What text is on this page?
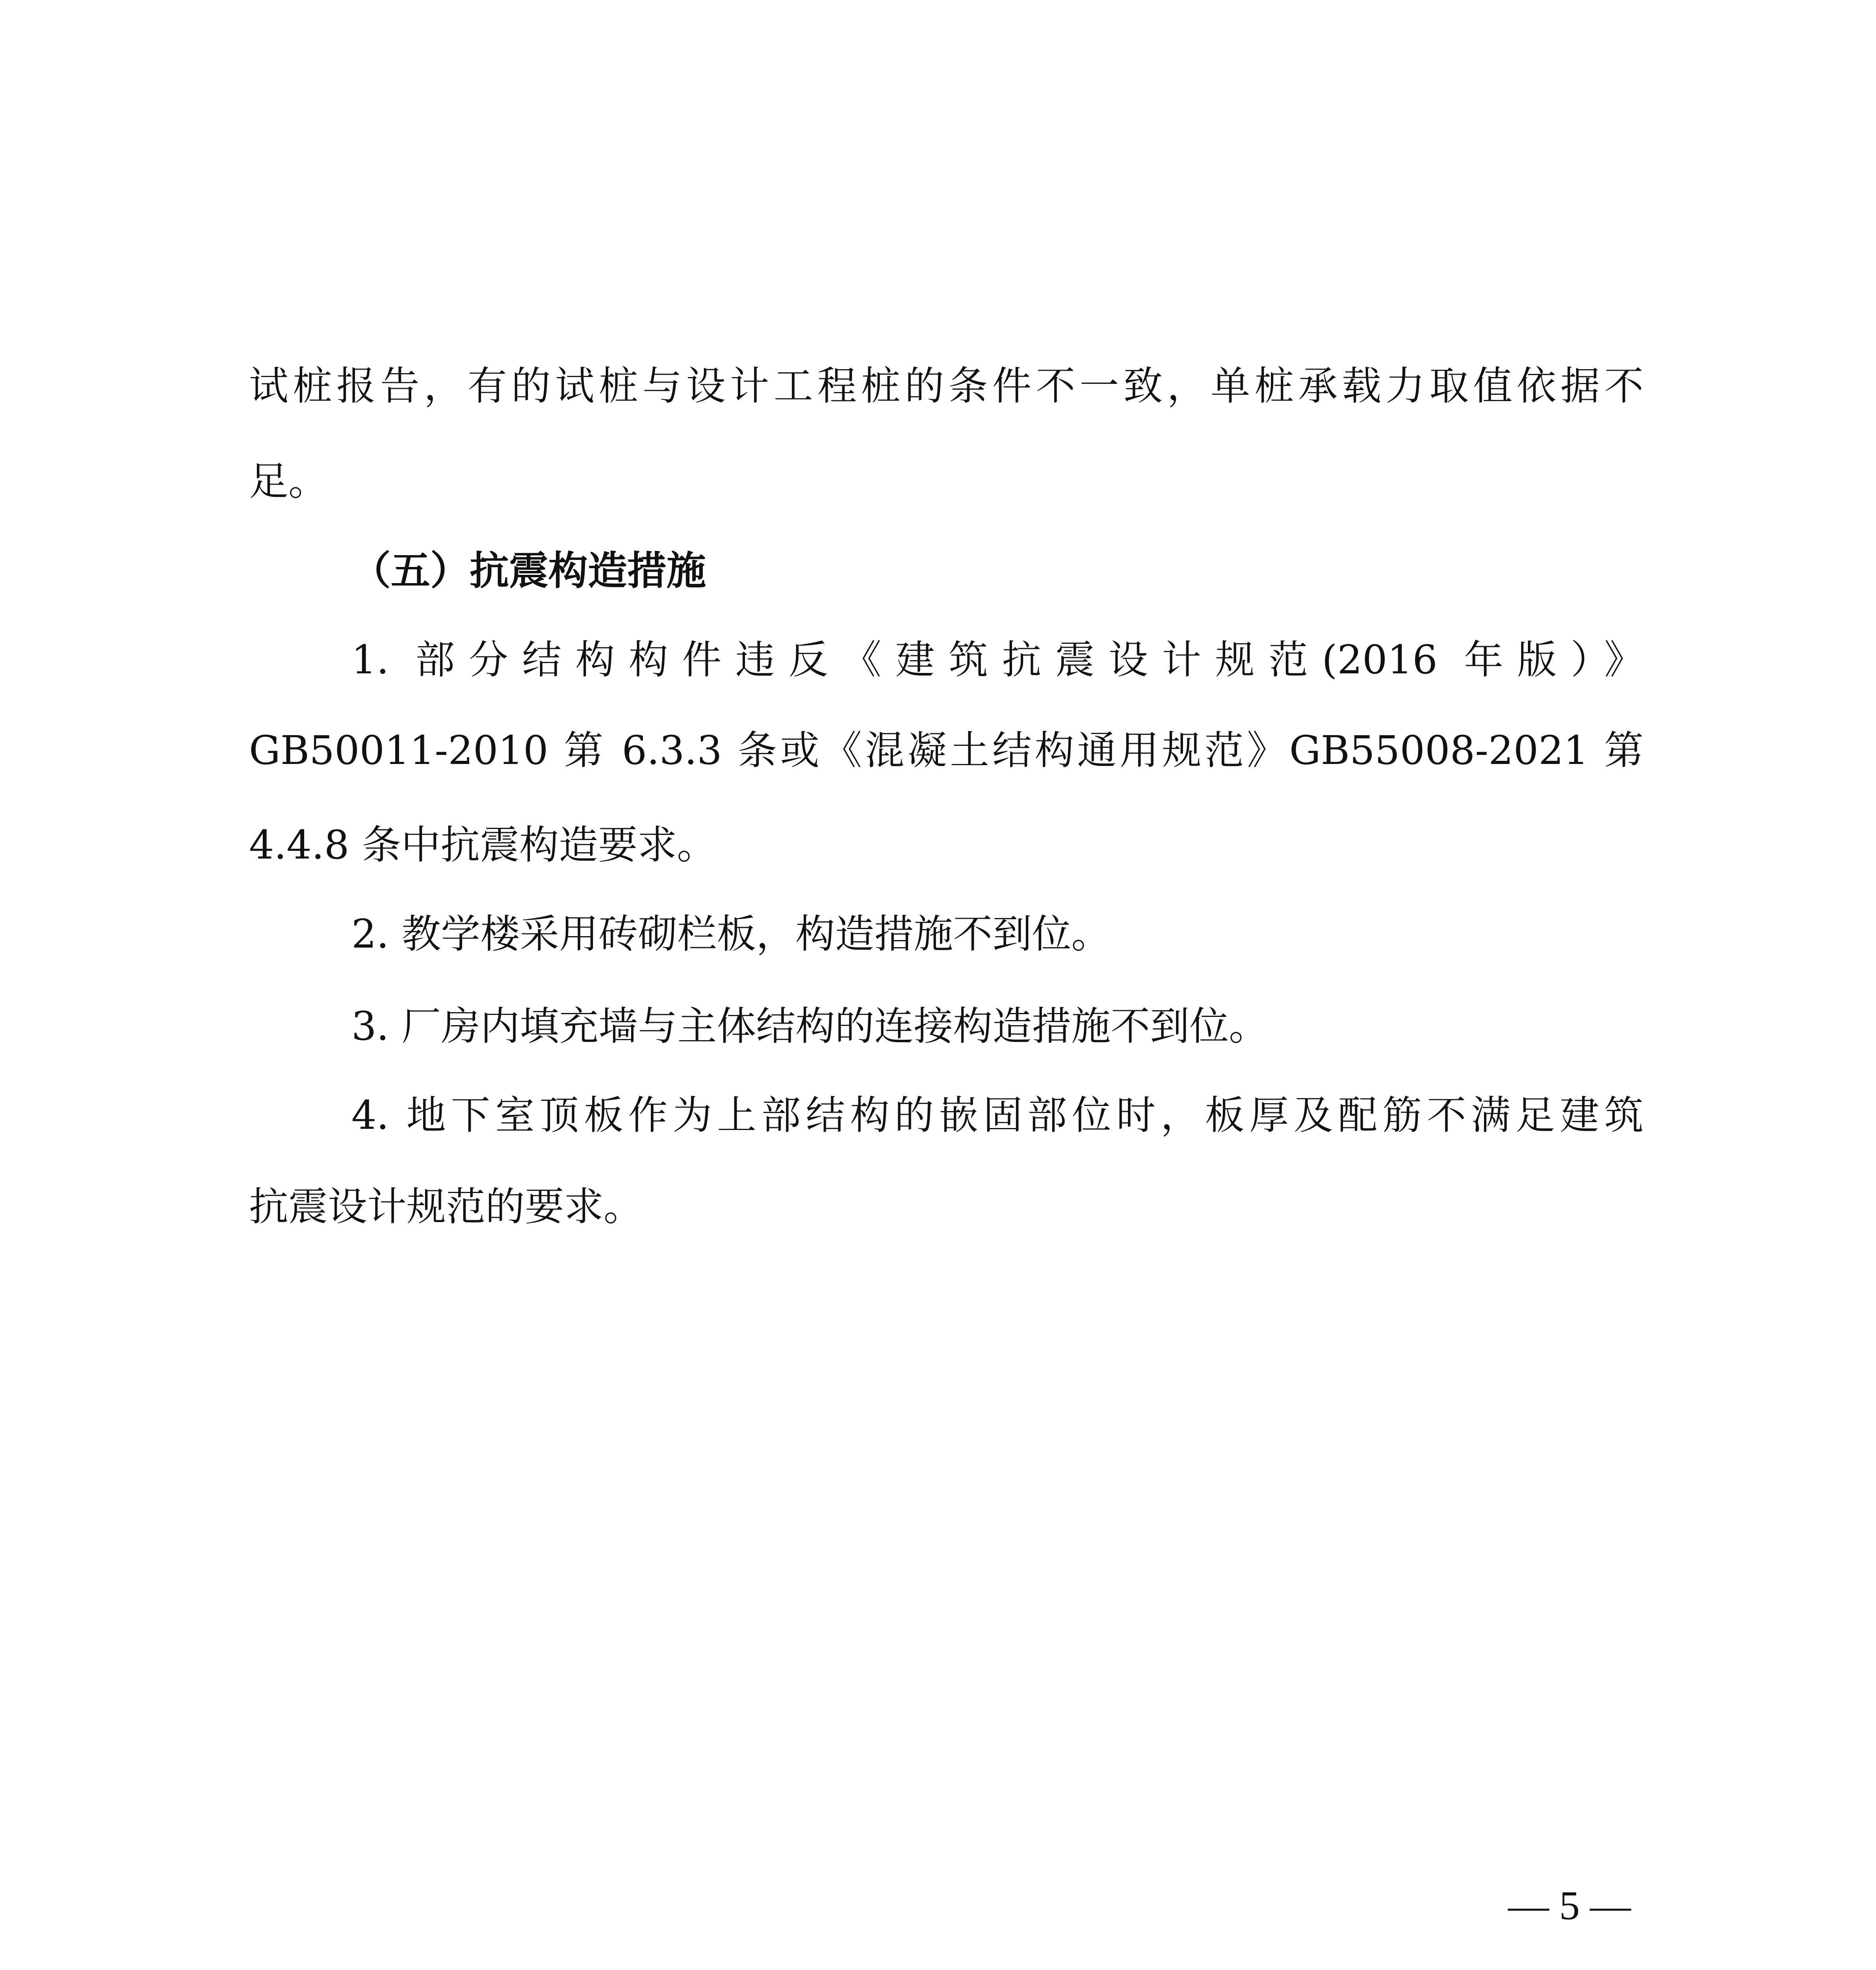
试桩报告，有的试桩与设计工程桩的条件不一致，单桩承载力取值依据不
足。
（五）抗震构造措施
1. 部分结构构件违反《建筑抗震设计规范(2016 年版）》
GB50011-2010 第 6.3.3 条或《混凝土结构通用规范》GB55008-2021 第
4.4.8 条中抗震构造要求。
2. 教学楼采用砖砌栏板，构造措施不到位。
3. 厂房内填充墙与主体结构的连接构造措施不到位。
4. 地下室顶板作为上部结构的嵌固部位时，板厚及配筋不满足建筑
抗震设计规范的要求。
— 5 —
